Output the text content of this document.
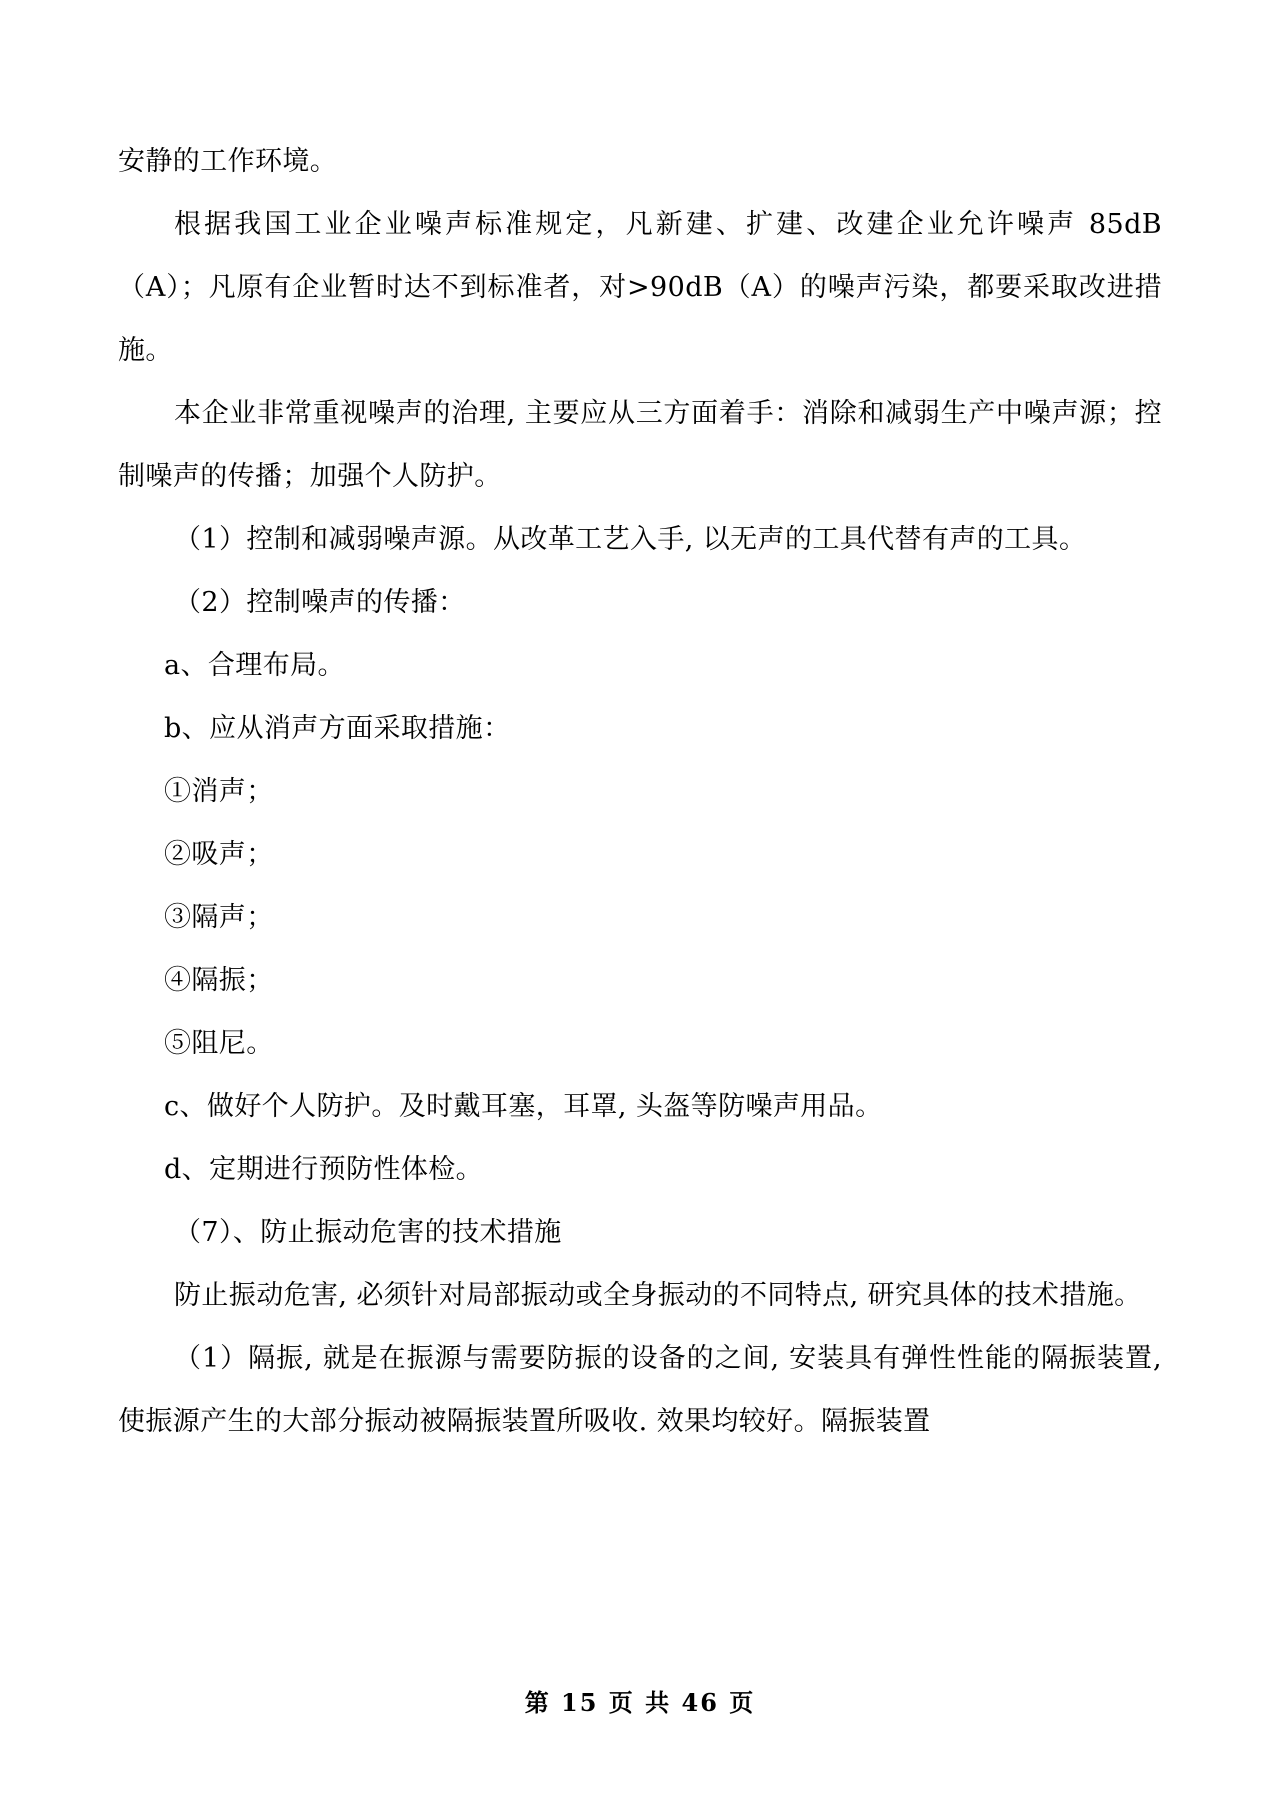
安静的工作环境。

根据我国工业企业噪声标准规定，凡新建、扩建、改建企业允许噪声 85dB（A）；凡原有企业暂时达不到标准者，对>90dB（A）的噪声污染，都要采取改进措施。

本企业非常重视噪声的治理, 主要应从三方面着手：消除和减弱生产中噪声源；控制噪声的传播；加强个人防护。

（1）控制和减弱噪声源。从改革工艺入手, 以无声的工具代替有声的工具。

（2）控制噪声的传播：

a、合理布局。

b、应从消声方面采取措施：

①消声；

②吸声；

③隔声；

④隔振；

⑤阻尼。

c、做好个人防护。及时戴耳塞，耳罩, 头盔等防噪声用品。

d、定期进行预防性体检。

（7）、防止振动危害的技术措施

防止振动危害, 必须针对局部振动或全身振动的不同特点, 研究具体的技术措施。

（1）隔振, 就是在振源与需要防振的设备的之间, 安装具有弹性性能的隔振装置, 使振源产生的大部分振动被隔振装置所吸收. 效果均较好。隔振装置

第 15 页 共 46 页
